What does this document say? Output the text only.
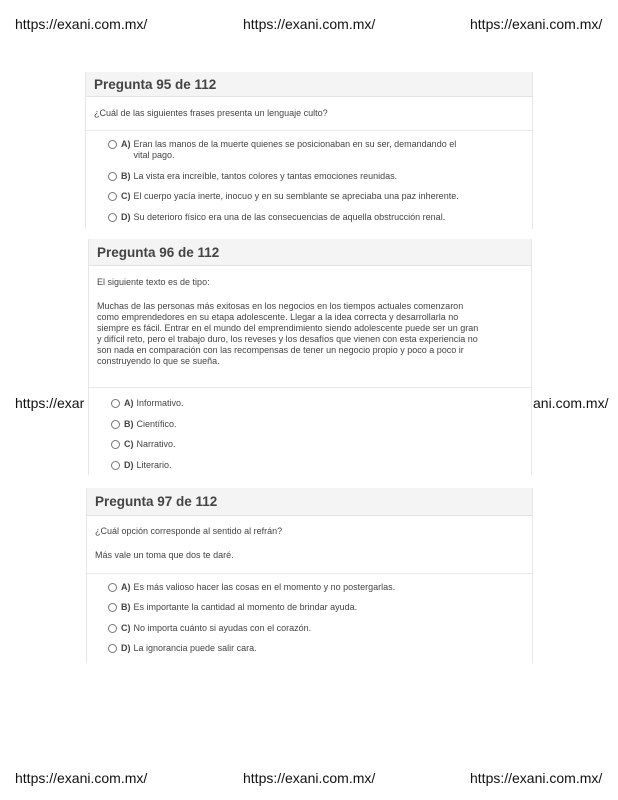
https://exani.com.mx/	https://exani.com.mx/	https://exani.com.mx/
https://exar	ani.com.mx/
https://exani.com.mx/	https://exani.com.mx/	https://exani.com.mx/
Pregunta 95 de 112
¿Cuál de las siguientes frases presenta un lenguaje culto?
A) Eran las manos de la muerte quienes se posicionaban en su ser, demandando el
vital pago.
B) La vista era increíble, tantos colores y tantas emociones reunidas.
C) El cuerpo yacía inerte, inocuo y en su semblante se apreciaba una paz inherente.
D) Su deterioro físico era una de las consecuencias de aquella obstrucción renal.
Pregunta 96 de 112
El siguiente texto es de tipo:
Muchas de las personas más exitosas en los negocios en los tiempos actuales comenzaron
como emprendedores en su etapa adolescente. Llegar a la idea correcta y desarrollarla no
siempre es fácil. Entrar en el mundo del emprendimiento siendo adolescente puede ser un gran
y difícil reto, pero el trabajo duro, los reveses y los desafíos que vienen con esta experiencia no
son nada en comparación con las recompensas de tener un negocio propio y poco a poco ir
construyendo lo que se sueña.
A) Informativo.
B) Científico.
C) Narrativo.
D) Literario.
Pregunta 97 de 112
¿Cuál opción corresponde al sentido al refrán?
Más vale un toma que dos te daré.
A) Es más valioso hacer las cosas en el momento y no postergarlas.
B) Es importante la cantidad al momento de brindar ayuda.
C) No importa cuánto si ayudas con el corazón.
D) La ignorancia puede salir cara.
